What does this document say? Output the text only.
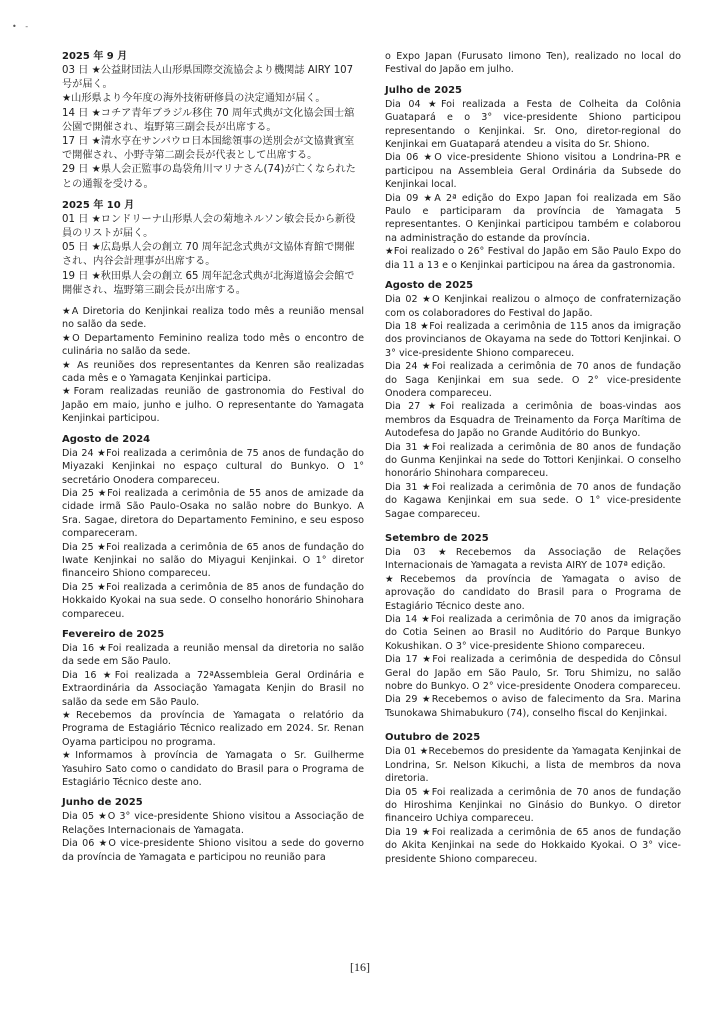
• -

2025 年 9 月

03 日 ★公益財団法人山形県国際交流協会より機関誌 AIRY 107 号が届く。

★山形県より今年度の海外技術研修員の決定通知が届く。

14 日 ★コチア青年ブラジル移住 70 周年式典が文化協会国士舘公園で開催され、塩野第三副会長が出席する。

17 日 ★清水亨在サンパウロ日本国総領事の送別会が文協貴賓室で開催され、小野寺第二副会長が代表として出席する。

29 日 ★県人会正監事の島袋角川マリナさん(74)が亡くなられたとの通報を受ける。

2025 年 10 月

01 日 ★ロンドリーナ山形県人会の菊地ネルソン敏会長から新役員のリストが届く。

05 日 ★広島県人会の創立 70 周年記念式典が文協体育館で開催され、内谷会計理事が出席する。

19 日 ★秋田県人会の創立 65 周年記念式典が北海道協会会館で開催され、塩野第三副会長が出席する。

★A Diretoria do Kenjinkai realiza todo mês a reunião mensal no salão da sede.

★O Departamento Feminino realiza todo mês o encontro de culinária no salão da sede.

★ As reuniões dos representantes da Kenren são realizadas cada mês e o Yamagata Kenjinkai participa.

★Foram realizadas reunião de gastronomia do Festival do Japão em maio, junho e julho. O representante do Yamagata Kenjinkai participou.

Agosto de 2024

Dia 24 ★Foi realizada a cerimônia de 75 anos de fundação do Miyazaki Kenjinkai no espaço cultural do Bunkyo. O 1° secretário Onodera compareceu.

Dia 25 ★Foi realizada a cerimônia de 55 anos de amizade da cidade irmã São Paulo-Osaka no salão nobre do Bunkyo. A Sra. Sagae, diretora do Departamento Feminino, e seu esposo compareceram.

Dia 25 ★Foi realizada a cerimônia de 65 anos de fundação do Iwate Kenjinkai no salão do Miyagui Kenjinkai. O 1° diretor financeiro Shiono compareceu.

Dia 25 ★Foi realizada a cerimônia de 85 anos de fundação do Hokkaido Kyokai na sua sede. O conselho honorário Shinohara compareceu.

Fevereiro de 2025

Dia 16 ★Foi realizada a reunião mensal da diretoria no salão da sede em São Paulo.

Dia 16 ★Foi realizada a 72ªAssembleia Geral Ordinária e Extraordinária da Associação Yamagata Kenjin do Brasil no salão da sede em São Paulo.

★Recebemos da província de Yamagata o relatório da Programa de Estagiário Técnico realizado em 2024. Sr. Renan Oyama participou no programa.

★Informamos à província de Yamagata o Sr. Guilherme Yasuhiro Sato como o candidato do Brasil para o Programa de Estagiário Técnico deste ano.

Junho de 2025

Dia 05 ★O 3° vice-presidente Shiono visitou a Associação de Relações Internacionais de Yamagata.

Dia 06 ★O vice-presidente Shiono visitou a sede do governo da província de Yamagata e participou no reunião para

o Expo Japan (Furusato Iimono Ten), realizado no local do Festival do Japão em julho.

Julho de 2025

Dia 04 ★Foi realizada a Festa de Colheita da Colônia Guatapará e o 3° vice-presidente Shiono participou representando o Kenjinkai. Sr. Ono, diretor-regional do Kenjinkai em Guatapará atendeu a visita do Sr. Shiono.

Dia 06 ★O vice-presidente Shiono visitou a Londrina-PR e participou na Assembleia Geral Ordinária da Subsede do Kenjinkai local.

Dia 09 ★A 2ª edição do Expo Japan foi realizada em São Paulo e participaram da província de Yamagata 5 representantes. O Kenjinkai participou também e colaborou na administração do estande da província.

★Foi realizado o 26° Festival do Japão em São Paulo Expo do dia 11 a 13 e o Kenjinkai participou na área da gastronomia.

Agosto de 2025

Dia 02 ★O Kenjinkai realizou o almoço de confraternização com os colaboradores do Festival do Japão.

Dia 18 ★Foi realizada a cerimônia de 115 anos da imigração dos provincianos de Okayama na sede do Tottori Kenjinkai. O 3° vice-presidente Shiono compareceu.

Dia 24 ★Foi realizada a cerimônia de 70 anos de fundação do Saga Kenjinkai em sua sede. O 2° vice-presidente Onodera compareceu.

Dia 27 ★Foi realizada a cerimônia de boas-vindas aos membros da Esquadra de Treinamento da Força Marítima de Autodefesa do Japão no Grande Auditório do Bunkyo.

Dia 31 ★Foi realizada a cerimônia de 80 anos de fundação do Gunma Kenjinkai na sede do Tottori Kenjinkai. O conselho honorário Shinohara compareceu.

Dia 31 ★Foi realizada a cerimônia de 70 anos de fundação do Kagawa Kenjinkai em sua sede. O 1° vice-presidente Sagae compareceu.

Setembro de 2025

Dia 03 ★Recebemos da Associação de Relações Internacionais de Yamagata a revista AIRY de 107ª edição.

★Recebemos da província de Yamagata o aviso de aprovação do candidato do Brasil para o Programa de Estagiário Técnico deste ano.

Dia 14 ★Foi realizada a cerimônia de 70 anos da imigração do Cotia Seinen ao Brasil no Auditório do Parque Bunkyo Kokushikan. O 3° vice-presidente Shiono compareceu.

Dia 17 ★Foi realizada a cerimônia de despedida do Cônsul Geral do Japão em São Paulo, Sr. Toru Shimizu, no salão nobre do Bunkyo. O 2° vice-presidente Onodera compareceu.

Dia 29 ★Recebemos o aviso de falecimento da Sra. Marina Tsunokawa Shimabukuro (74), conselho fiscal do Kenjinkai.

Outubro de 2025

Dia 01 ★Recebemos do presidente da Yamagata Kenjinkai de Londrina, Sr. Nelson Kikuchi, a lista de membros da nova diretoria.

Dia 05 ★Foi realizada a cerimônia de 70 anos de fundação do Hiroshima Kenjinkai no Ginásio do Bunkyo. O diretor financeiro Uchiya compareceu.

Dia 19 ★Foi realizada a cerimônia de 65 anos de fundação do Akita Kenjinkai na sede do Hokkaido Kyokai. O 3° vice-presidente Shiono compareceu.

[16]
